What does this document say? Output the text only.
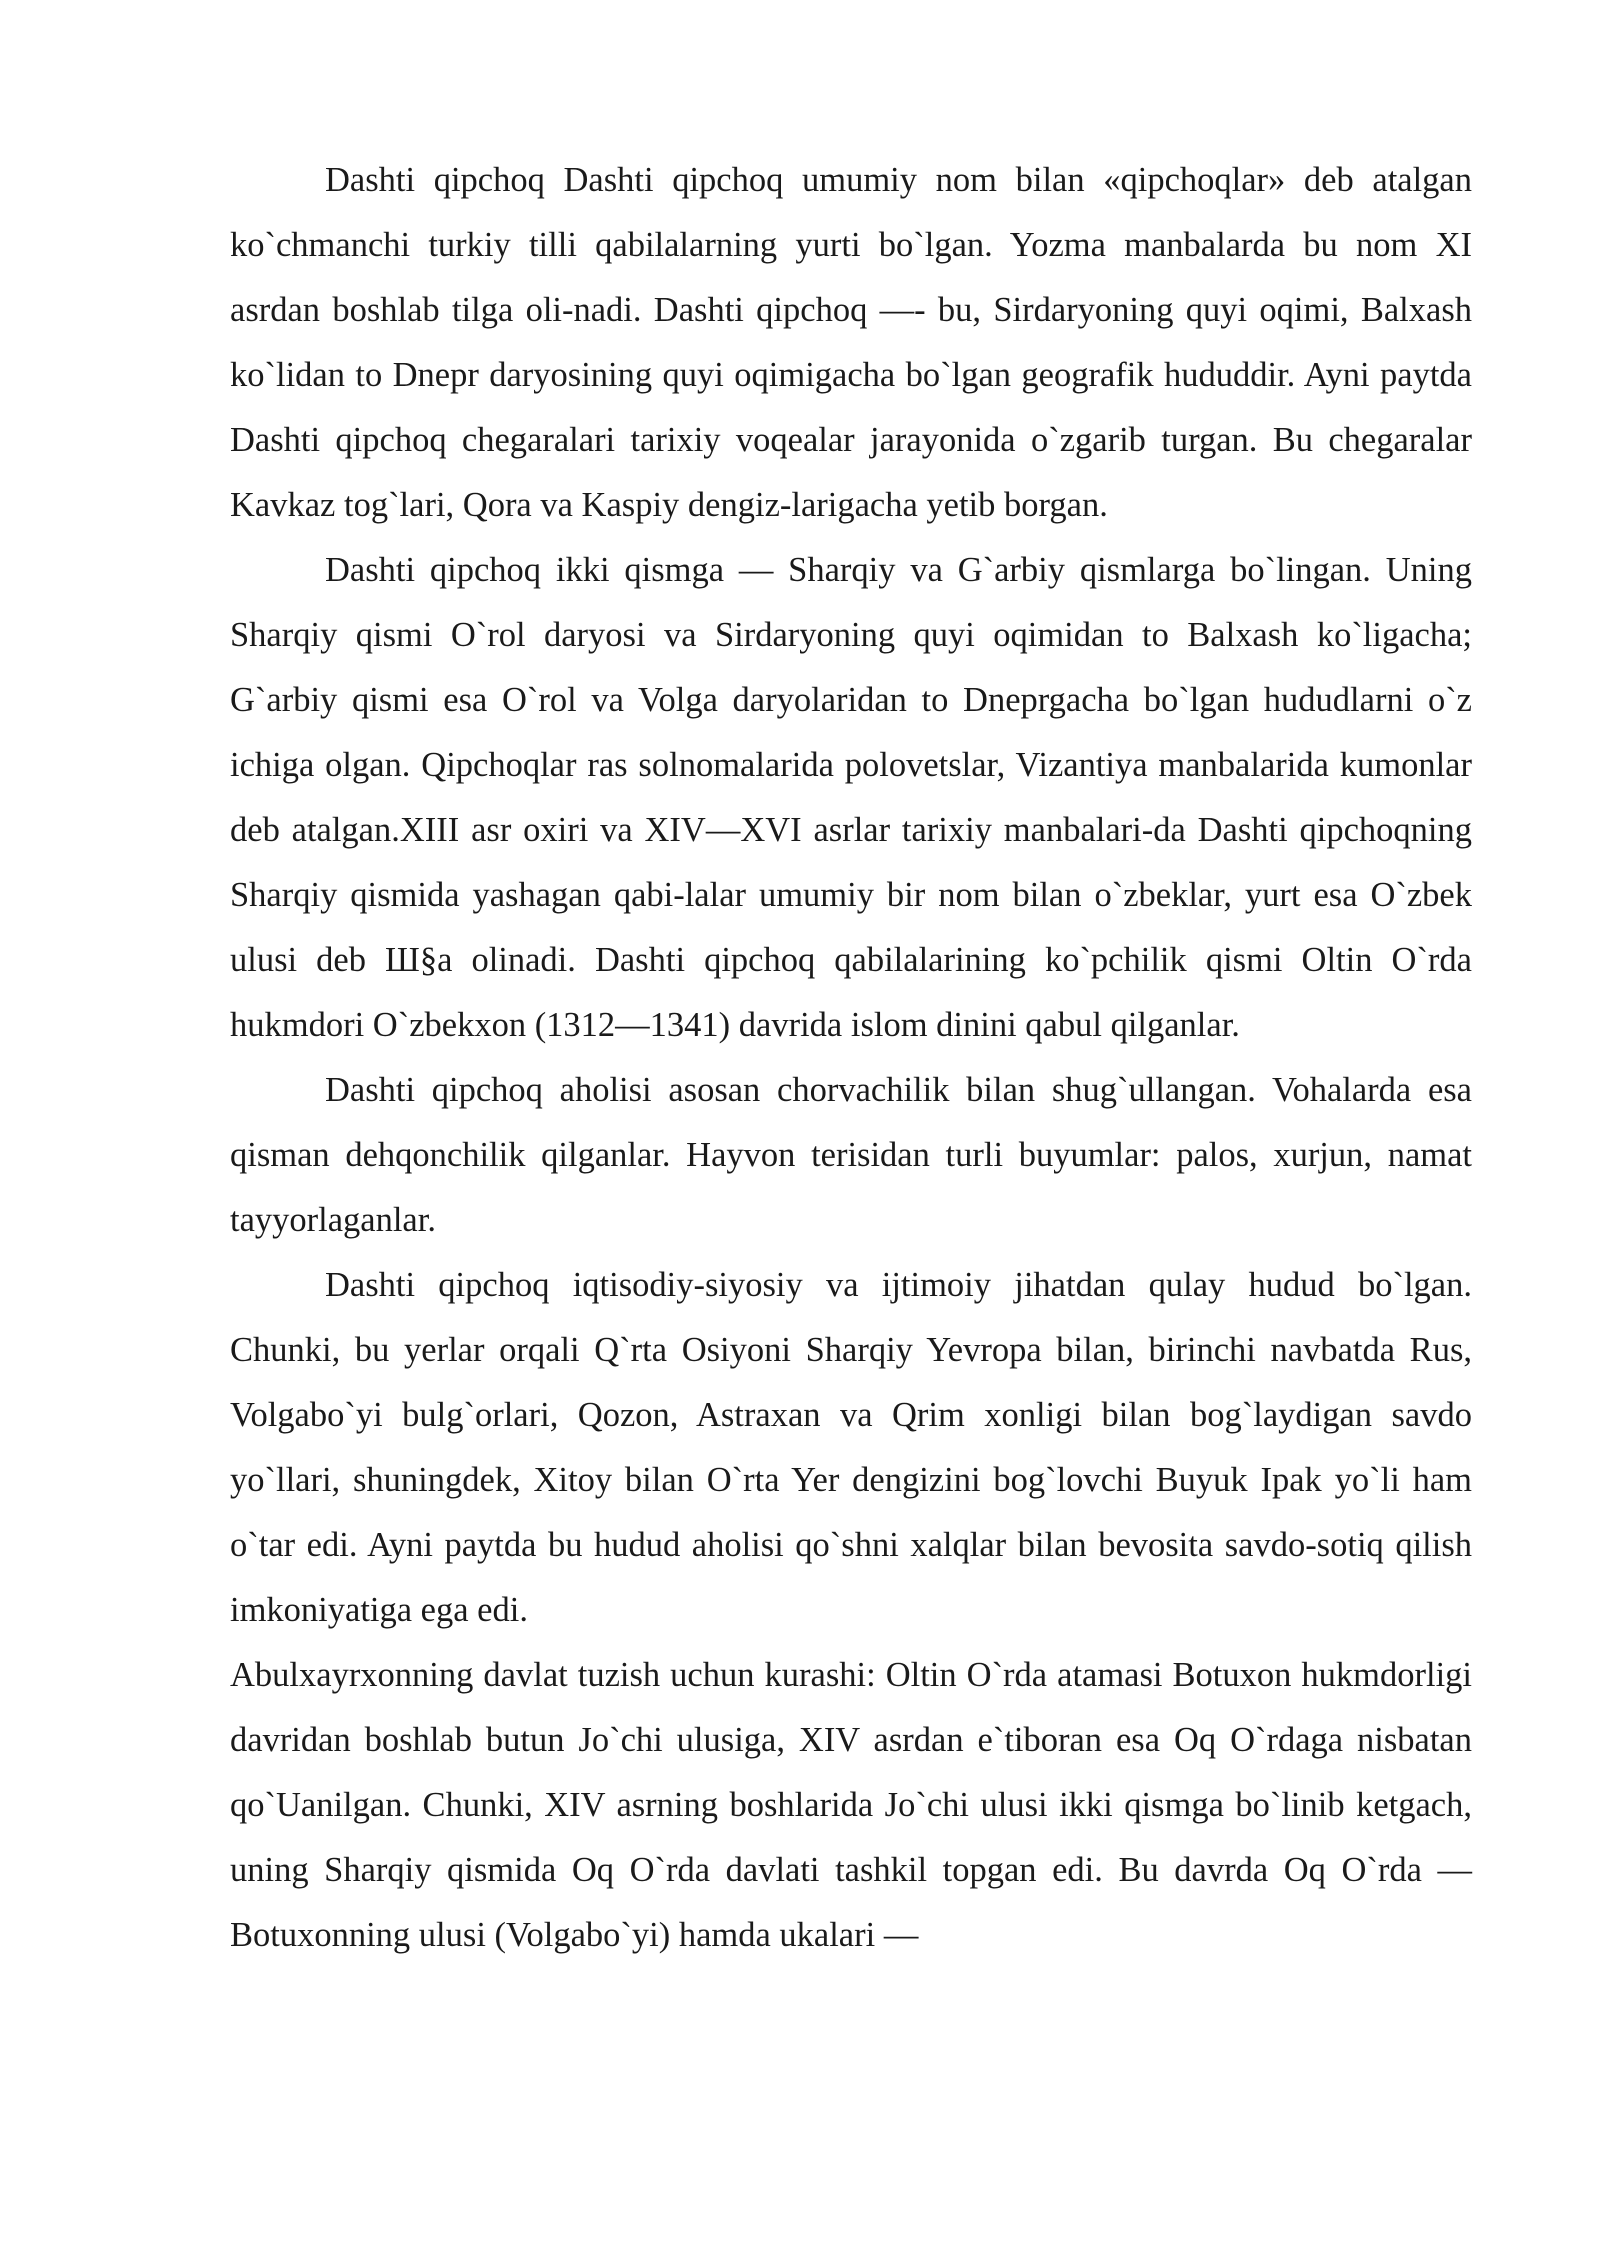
Dashti qipchoq Dashti qipchoq umumiy nom bilan «qipchoqlar» deb atalgan ko`chmanchi turkiy tilli qabilalarning yurti bo`lgan. Yozma manbalarda bu nom XI asrdan boshlab tilga oli-nadi. Dashti qipchoq —- bu, Sirdaryoning quyi oqimi, Balxash ko`lidan to Dnepr daryosining quyi oqimigacha bo`lgan geografik hududdir. Ayni paytda Dashti qipchoq chegaralari tarixiy voqealar jarayonida o`zgarib turgan. Bu chegaralar Kavkaz tog`lari, Qora va Kaspiy dengiz-larigacha yetib borgan.

Dashti qipchoq ikki qismga — Sharqiy va G`arbiy qismlarga bo`lingan. Uning Sharqiy qismi O`rol daryosi va Sirdaryoning quyi oqimidan to Balxash ko`ligacha; G`arbiy qismi esa O`rol va Volga daryolaridan to Dneprgacha bo`lgan hududlarni o`z ichiga olgan. Qipchoqlar ras solnomalarida polovetslar, Vizantiya manbalarida kumonlar deb atalgan.XIII asr oxiri va XIV—XVI asrlar tarixiy manbalari-da Dashti qipchoqning Sharqiy qismida yashagan qabi-lalar umumiy bir nom bilan o`zbeklar, yurt esa O`zbek ulusi deb Ш§a olinadi. Dashti qipchoq qabilalarining ko`pchilik qismi Oltin O`rda hukmdori O`zbekxon (1312—1341) davrida islom dinini qabul qilganlar.

Dashti qipchoq aholisi asosan chorvachilik bilan shug`ullangan. Vohalarda esa qisman dehqonchilik qilganlar. Hayvon terisidan turli buyumlar: palos, xurjun, namat tayyorlaganlar.

Dashti qipchoq iqtisodiy-siyosiy va ijtimoiy jihatdan qulay hudud bo`lgan. Chunki, bu yerlar orqali Q`rta Osiyoni Sharqiy Yevropa bilan, birinchi navbatda Rus, Volgabo`yi bulg`orlari, Qozon, Astraxan va Qrim xonligi bilan bog`laydigan savdo yo`llari, shuningdek, Xitoy bilan O`rta Yer dengizini bog`lovchi Buyuk Ipak yo`li ham o`tar edi. Ayni paytda bu hudud aholisi qo`shni xalqlar bilan bevosita savdo-sotiq qilish imkoniyatiga ega edi.

Abulxayrxonning davlat tuzish uchun kurashi: Oltin O`rda atamasi Botuxon hukmdorligi davridan boshlab butun Jo`chi ulusiga, XIV asrdan e`tiboran esa Oq O`rdaga nisbatan qo`Uanilgan. Chunki, XIV asrning boshlarida Jo`chi ulusi ikki qismga bo`linib ketgach, uning Sharqiy qismida Oq O`rda davlati tashkil topgan edi. Bu davrda Oq O`rda — Botuxonning ulusi (Volgabo`yi) hamda ukalari —
